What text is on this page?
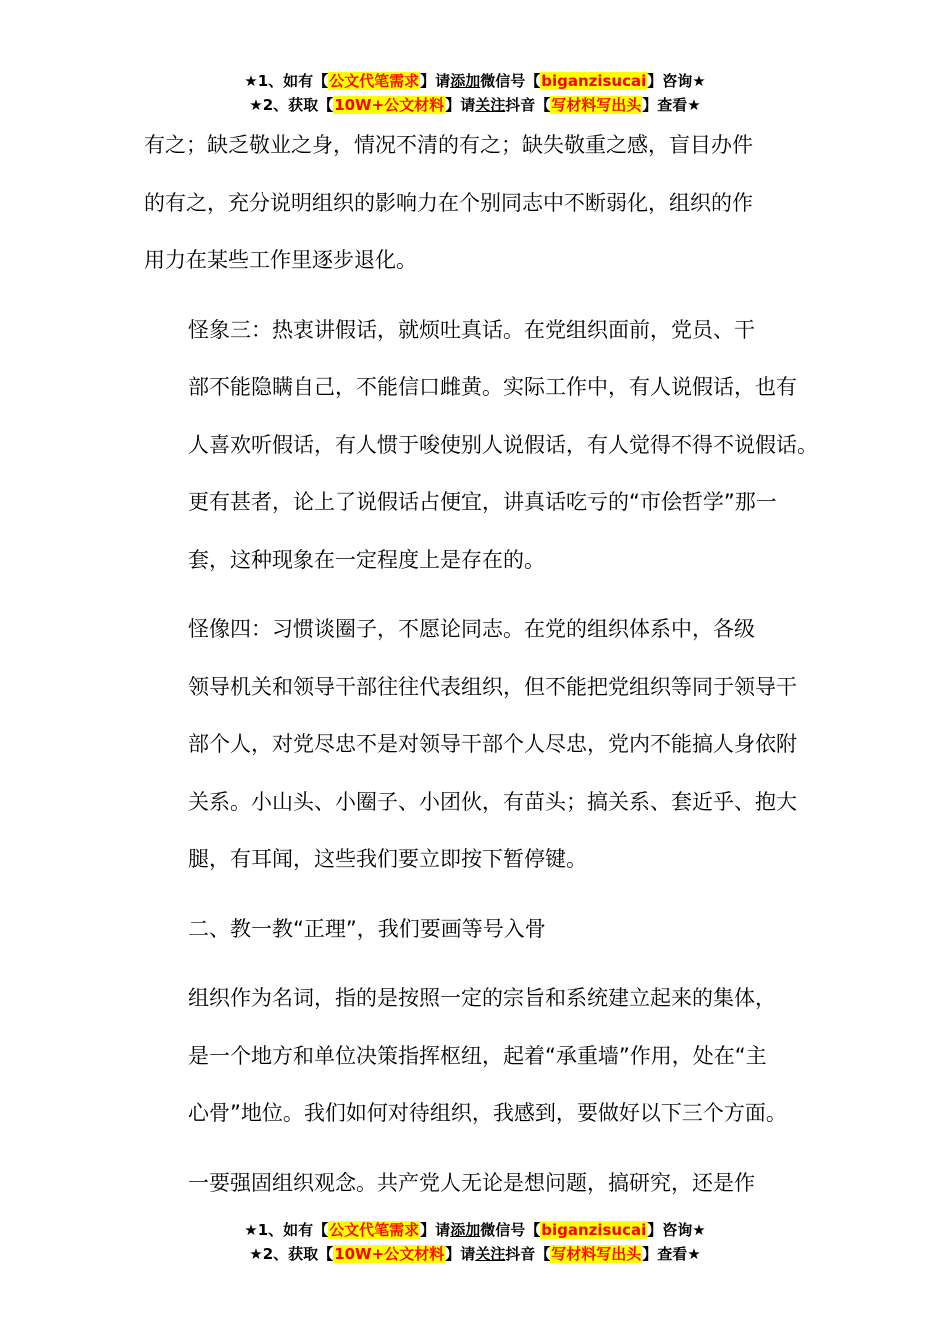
★1、如有【公文代笔需求】请添加微信号【biganzisucai】咨询★
★2、获取【10W+公文材料】请关注抖音【写材料写出头】查看★
有之；缺乏敬业之身，情况不清的有之；缺失敬重之感，盲目办件
的有之，充分说明组织的影响力在个别同志中不断弱化，组织的作
用力在某些工作里逐步退化。
怪象三：热衷讲假话，就烦吐真话。在党组织面前，党员、干
部不能隐瞒自己，不能信口雌黄。实际工作中，有人说假话，也有
人喜欢听假话，有人惯于唆使别人说假话，有人觉得不得不说假话。
更有甚者，论上了说假话占便宜，讲真话吃亏的“市侩哲学”那一
套，这种现象在一定程度上是存在的。
怪像四：习惯谈圈子，不愿论同志。在党的组织体系中，各级
领导机关和领导干部往往代表组织，但不能把党组织等同于领导干
部个人，对党尽忠不是对领导干部个人尽忠，党内不能搞人身依附
关系。小山头、小圈子、小团伙，有苗头；搞关系、套近乎、抱大
腿，有耳闻，这些我们要立即按下暂停键。
二、教一教“正理”，我们要画等号入骨
组织作为名词，指的是按照一定的宗旨和系统建立起来的集体，
是一个地方和单位决策指挥枢纽，起着“承重墙”作用，处在“主
心骨”地位。我们如何对待组织，我感到，要做好以下三个方面。
一要强固组织观念。共产党人无论是想问题，搞研究，还是作
★1、如有【公文代笔需求】请添加微信号【biganzisucai】咨询★
★2、获取【10W+公文材料】请关注抖音【写材料写出头】查看★
